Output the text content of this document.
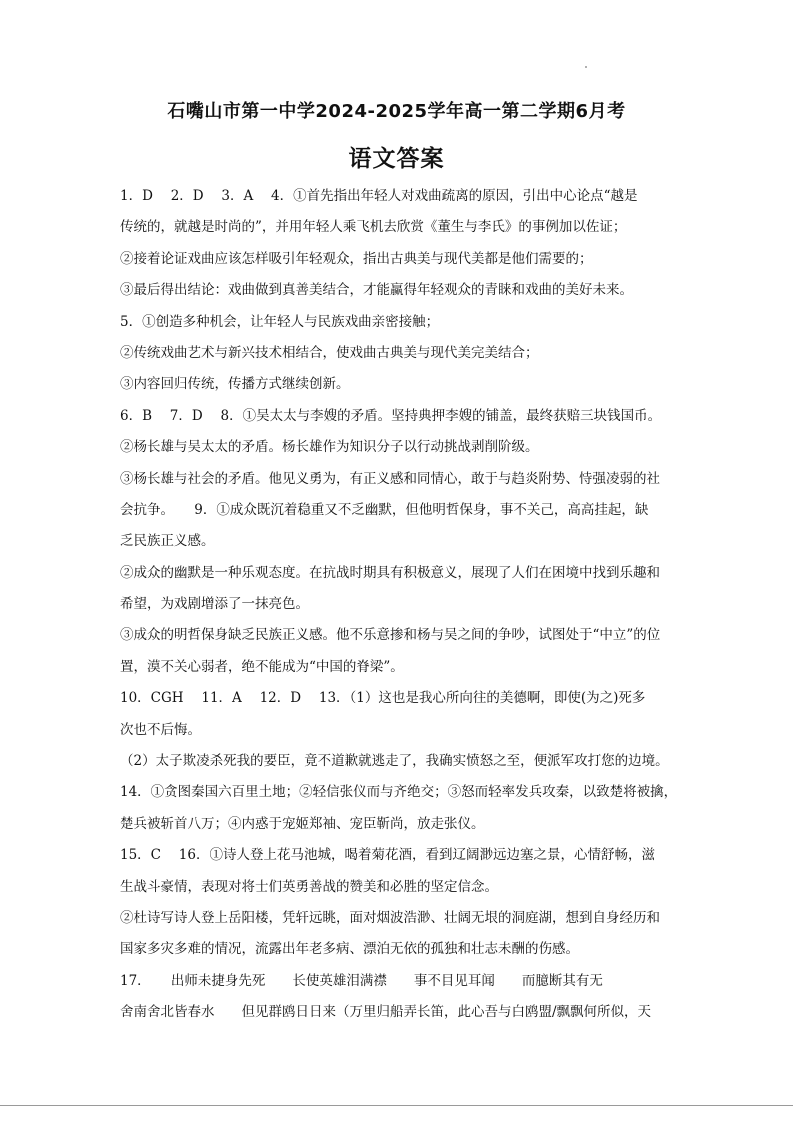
石嘴山市第一中学2024-2025学年高一第二学期6月考
语文答案
1．D　 2．D　 3．A　 4．①首先指出年轻人对戏曲疏离的原因，引出中心论点“越是
传统的，就越是时尚的”，并用年轻人乘飞机去欣赏《董生与李氏》的事例加以佐证；
②接着论证戏曲应该怎样吸引年轻观众，指出古典美与现代美都是他们需要的；
③最后得出结论：戏曲做到真善美结合，才能赢得年轻观众的青睐和戏曲的美好未来。
5．①创造多种机会，让年轻人与民族戏曲亲密接触；
②传统戏曲艺术与新兴技术相结合，使戏曲古典美与现代美完美结合；
③内容回归传统，传播方式继续创新。
6．B　 7．D　 8．①吴太太与李嫂的矛盾。坚持典押李嫂的铺盖，最终获赔三块钱国币。
②杨长雄与吴太太的矛盾。杨长雄作为知识分子以行动挑战剥削阶级。
③杨长雄与社会的矛盾。他见义勇为，有正义感和同情心，敢于与趋炎附势、恃强凌弱的社
会抗争。　　9．①成众既沉着稳重又不乏幽默，但他明哲保身，事不关己，高高挂起，缺
乏民族正义感。
②成众的幽默是一种乐观态度。在抗战时期具有积极意义，展现了人们在困境中找到乐趣和
希望，为戏剧增添了一抹亮色。
③成众的明哲保身缺乏民族正义感。他不乐意掺和杨与吴之间的争吵，试图处于“中立”的位
置，漠不关心弱者，绝不能成为“中国的脊梁”。
10．CGH　 11．A　 12．D　 13．（1）这也是我心所向往的美德啊，即使(为之)死多
次也不后悔。
（2）太子欺凌杀死我的要臣，竟不道歉就逃走了，我确实愤怒之至，便派军攻打您的边境。
14．①贪图秦国六百里土地；②轻信张仪而与齐绝交；③怒而轻率发兵攻秦，以致楚将被擒，
楚兵被斩首八万；④内惑于宠姬郑袖、宠臣靳尚，放走张仪。
15．C　 16．①诗人登上花马池城，喝着菊花酒，看到辽阔渺远边塞之景，心情舒畅，滋
生战斗豪情，表现对将士们英勇善战的赞美和必胜的坚定信念。
②杜诗写诗人登上岳阳楼，凭轩远眺，面对烟波浩渺、壮阔无垠的洞庭湖，想到自身经历和
国家多灾多难的情况，流露出年老多病、漂泊无依的孤独和壮志未酬的伤感。
17．　　出师未捷身先死　　长使英雄泪满襟　　事不目见耳闻　　而臆断其有无
舍南舍北皆春水　　但见群鸥日日来（万里归船弄长笛，此心吾与白鸥盟/飘飘何所似，天
